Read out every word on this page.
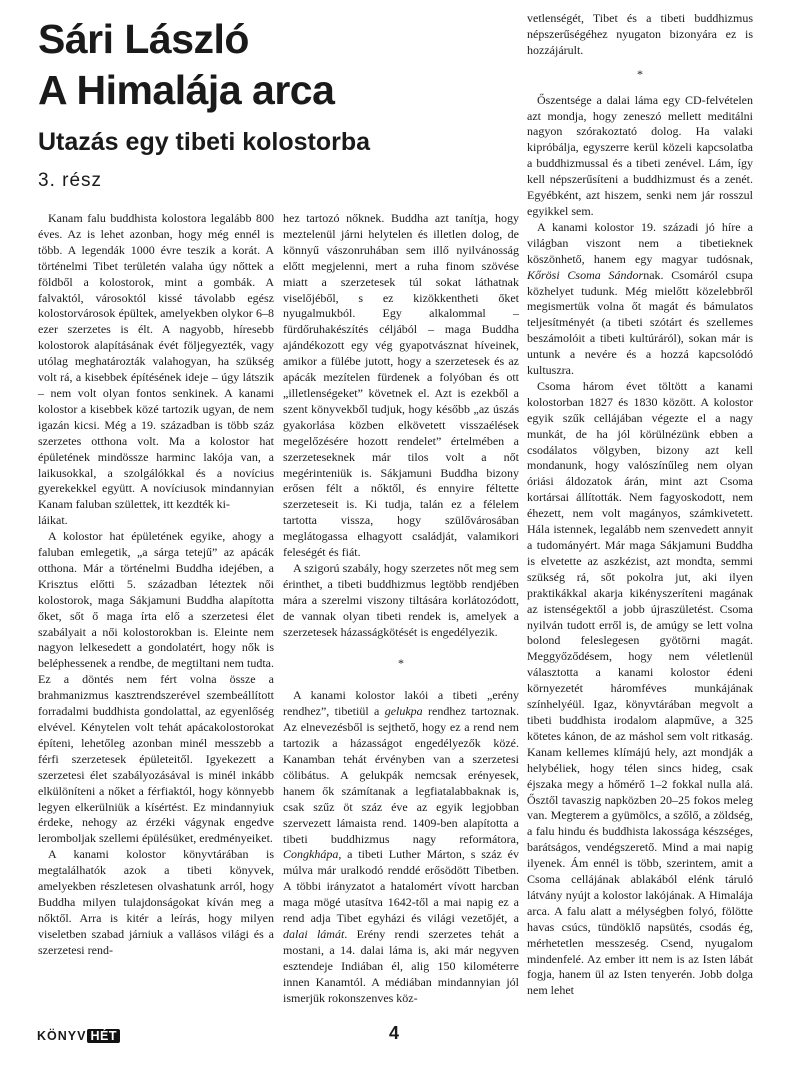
Sári László
A Himalája arca
Utazás egy tibeti kolostorba
3. rész

Kanam falu buddhista kolostora legalább 800 éves. Az is lehet azonban, hogy még ennél is több. A legendák 1000 évre teszik a korát. A történelmi Tibet területén valaha úgy nőttek a földből a kolostorok, mint a gombák. A falvaktól, városoktól kissé távolabb egész kolostorvárosok épültek, amelyekben olykor 6–8 ezer szerzetes is élt. A nagyobb, híresebb kolostorok alapításának évét följegyezték, vagy utólag meghatározták valahogyan, ha szükség volt rá, a kisebbek építésének ideje – úgy látszik – nem volt olyan fontos senkinek. A kanami kolostor a kisebbek közé tartozik ugyan, de nem igazán kicsi. Még a 19. században is több száz szerzetes otthona volt. Ma a kolostor hat épületének mindössze harminc lakója van, a laikusokkal, a szolgálókkal és a novícius gyerekekkel együtt. A novíciusok mindannyian Kanam faluban születtek, itt kezdték ki-

láikat.

A kolostor hat épületének egyike, ahogy a faluban emlegetik, „a sárga tetejű” az apácák otthona. Már a történelmi Buddha idejében, a Krisztus előtti 5. században léteztek női kolostorok, maga Sákjamuni Buddha alapította őket, sőt ő maga írta elő a szerzetesi élet szabályait a női kolostorokban is. Eleinte nem nagyon lelkesedett a gondolatért, hogy nők is beléphessenek a rendbe, de megtiltani nem tudta. Ez a döntés nem fért volna össze a brahmanizmus kasztrendszerével szembeállított forradalmi buddhista gondolattal, az egyenlőség elvével. Kénytelen volt tehát apácakolostorokat építeni, lehetőleg azonban minél messzebb a férfi szerzetesek épületeitől. Igyekezett a szerzetesi élet szabályozásával is minél inkább elkülöníteni a nőket a férfiaktól, hogy könnyebb legyen elkerülniük a kísértést. Ez mindannyiuk érdeke, nehogy az érzéki vágynak engedve leromboljak szellemi épülésüket, eredményeiket.

A kanami kolostor könyvtárában is megtalálhatók azok a tibeti könyvek, amelyekben részletesen olvashatunk arról, hogy Buddha milyen tulajdonságokat kíván meg a nőktől. Arra is kitér a leírás, hogy milyen viseletben szabad járniuk a vallásos világi és a szerzetesi rend-

hez tartozó nőknek. Buddha azt tanítja, hogy meztelenül járni helytelen és illetlen dolog, de könnyű vászonruhában sem illő nyilvánosság előtt megjelenni, mert a ruha finom szövése miatt a szerzetesek túl sokat láthatnak viselőjéből, s ez kizökkentheti őket nyugalmukból. Egy alkalommal – fürdőruhakészítés céljából – maga Buddha ajándékozott egy vég gyapotvásznat híveinek, amikor a fülébe jutott, hogy a szerzetesek és az apácák mezítelen fürdenek a folyóban és ott „illetlenségeket” követnek el. Azt is ezekből a szent könyvekből tudjuk, hogy később „az úszás gyakorlása közben elkövetett visszaélések megelőzésére hozott rendelet” értelmében a szerzeteseknek már tilos volt a nőt megérinteniük is. Sákjamuni Buddha bizony erősen félt a nőktől, és ennyire féltette szerzeteseit is. Ki tudja, talán ez a félelem tartotta vissza, hogy szülővárosában meglátogassa elhagyott családját, valamikori feleségét és fiát.

A szigorú szabály, hogy szerzetes nőt meg sem érinthet, a tibeti buddhizmus legtöbb rendjében mára a szerelmi viszony tiltására korlátozódott, de vannak olyan tibeti rendek is, amelyek a szerzetesek házasságkötését is engedélyezik.

*

A kanami kolostor lakói a tibeti „erény rendhez”, tibetiül a gelukpa rendhez tartoznak. Az elnevezésből is sejthető, hogy ez a rend nem tartozik a házasságot engedélyezők közé. Kanamban tehát érvényben van a szerzetesi cölibátus. A gelukpák nemcsak erényesek, hanem ők számítanak a legfiatalabbaknak is, csak szűz öt száz éve az egyik legjobban szervezett lámaista rend. 1409-ben alapította a tibeti buddhizmus nagy reformátora, Congkhápa, a tibeti Luther Márton, s száz év múlva már uralkodó renddé erősödött Tibetben. A többi irányzatot a hatalomért vívott harcban maga mögé utasítva 1642-től a mai napig ez a rend adja Tibet egyházi és világi vezetőjét, a dalai lámát. Erény rendi szerzetes tehát a mostani, a 14. dalai láma is, aki már negyven esztendeje Indiában él, alig 150 kilométerre innen Kanamtól. A médiában mindannyian jól ismerjük rokonszenves köz-

vetlenségét, Tibet és a tibeti buddhizmus népszerűségéhez nyugaton bizonyára ez is hozzájárult.

*

Őszentsége a dalai láma egy CD-felvételen azt mondja, hogy zeneszó mellett meditálni nagyon szórakoztató dolog. Ha valaki kipróbálja, egyszerre kerül közeli kapcsolatba a buddhizmussal és a tibeti zenével. Lám, így kell népszerűsíteni a buddhizmust és a zenét. Egyébként, azt hiszem, senki nem jár rosszul egyikkel sem.

A kanami kolostor 19. századi jó híre a világban viszont nem a tibetieknek köszönhető, hanem egy magyar tudósnak, Kőrösi Csoma Sándornak. Csomáról csupa közhelyet tudunk. Még mielőtt közelebbről megismertük volna őt magát és bámulatos teljesítményét (a tibeti szótárt és szellemes beszámolóit a tibeti kultúráról), sokan már is untunk a nevére és a hozzá kapcsolódó kultuszra.

Csoma három évet töltött a kanami kolostorban 1827 és 1830 között. A kolostor egyik szűk cellájában végezte el a nagy munkát, de ha jól körülnézünk ebben a csodálatos völgyben, bizony azt kell mondanunk, hogy valószínűleg nem olyan óriási áldozatok árán, mint azt Csoma kortársai állították. Nem fagyoskodott, nem éhezett, nem volt magányos, számkivetett. Hála istennek, legalább nem szenvedett annyit a tudományért. Már maga Sákjamuni Buddha is elvetette az aszkézist, azt mondta, semmi szükség rá, sőt pokolra jut, aki ilyen praktikákkal akarja kikényszeríteni magának az istenségektől a jobb újraszületést. Csoma nyilván tudott erről is, de amúgy se lett volna bolond feleslegesen gyötörni magát. Meggyőződésem, hogy nem véletlenül választotta a kanami kolostor édeni környezetét háromféves munkájának színhelyéül. Igaz, könyvtárában megvolt a tibeti buddhista irodalom alapműve, a 325 kötetes kánon, de az máshol sem volt ritkaság. Kanam kellemes klímájú hely, azt mondják a helybéliek, hogy télen sincs hideg, csak éjszaka megy a hőmérő 1–2 fokkal nulla alá. Ősztől tavaszig napközben 20–25 fokos meleg van. Megterem a gyümölcs, a szőlő, a zöldség, a falu hindu és buddhista lakossága készséges, barátságos, vendégszerető. Mind a mai napig ilyenek. Ám ennél is több, szerintem, amit a Csoma cellájának ablakából elénk táruló látvány nyújt a kolostor lakójának. A Himalája arca. A falu alatt a mélységben folyó, fölötte havas csúcs, tündöklő napsütés, csodás ég, mérhetetlen messzeség. Csend, nyugalom mindenfelé. Az ember itt nem is az Isten lábát fogja, hanem ül az Isten tenyerén. Jobb dolga nem lehet

KÖNYV HÉT	4
